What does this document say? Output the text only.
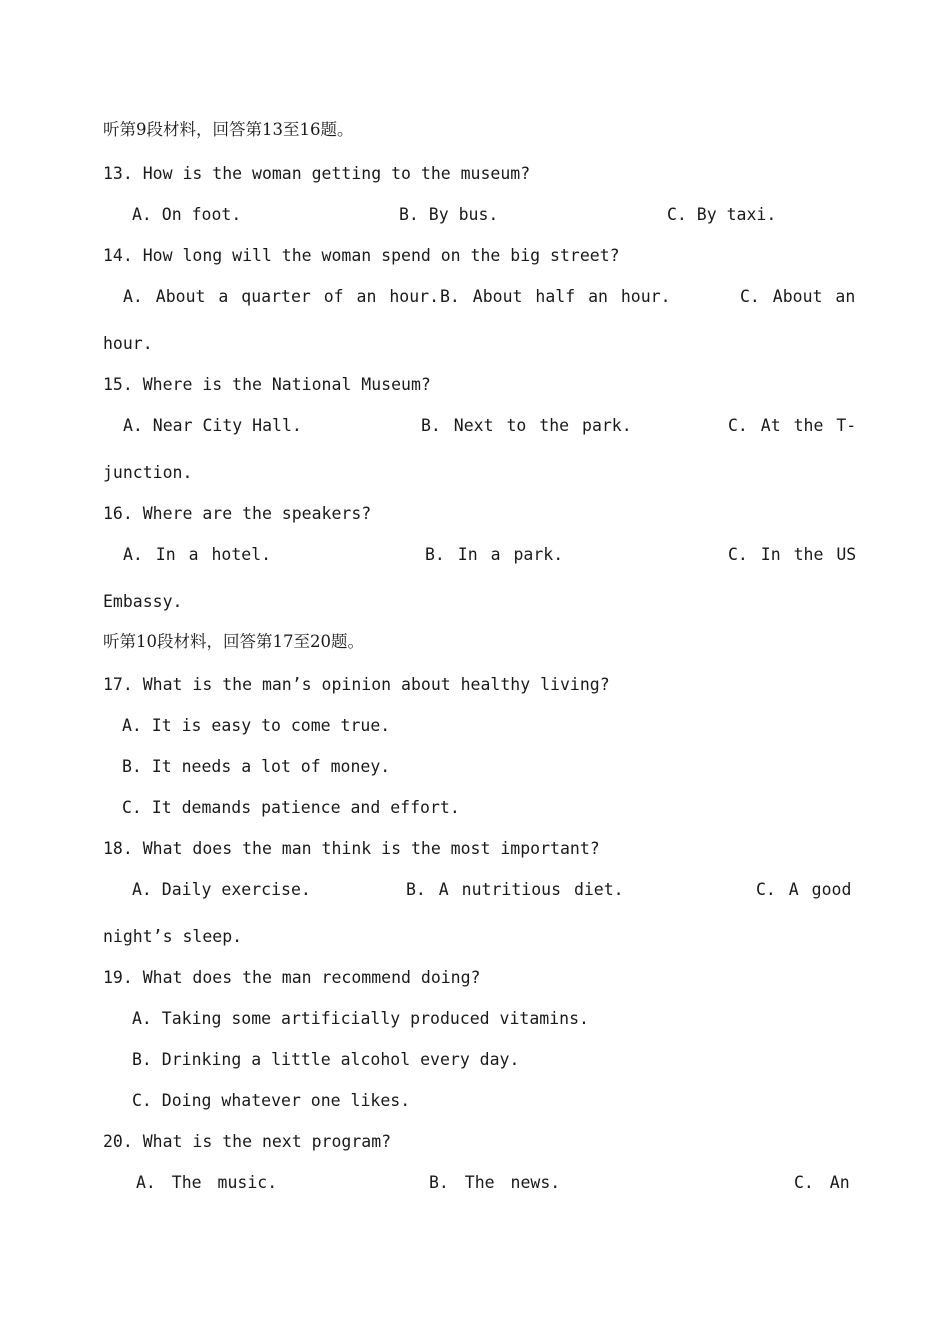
听第9段材料，回答第13至16题。

13. How is the woman getting to the museum?

A. On foot.

	B. By bus.

	C. By taxi.

14. How long will the woman spend on the big street?

A. About a quarter of an hour.

B. About half an hour.

	C. About an

hour.

15. Where is the National Museum?

A. Near City Hall.

	B. Next to the park.

	C. At the T-

junction.

16. Where are the speakers?

A. In a hotel.

	B. In a park.

	C. In the US

Embassy.

听第10段材料，回答第17至20题。

17. What is the man’s opinion about healthy living?

A. It is easy to come true.

B. It needs a lot of money.

C. It demands patience and effort.

18. What does the man think is the most important?

A. Daily exercise.

	B. A nutritious diet.

	C. A good

night’s sleep.

19. What does the man recommend doing?

A. Taking some artificially produced vitamins.

B. Drinking a little alcohol every day.

C. Doing whatever one likes.

20. What is the next program?

A. The music.

	B. The news.

	C. An
